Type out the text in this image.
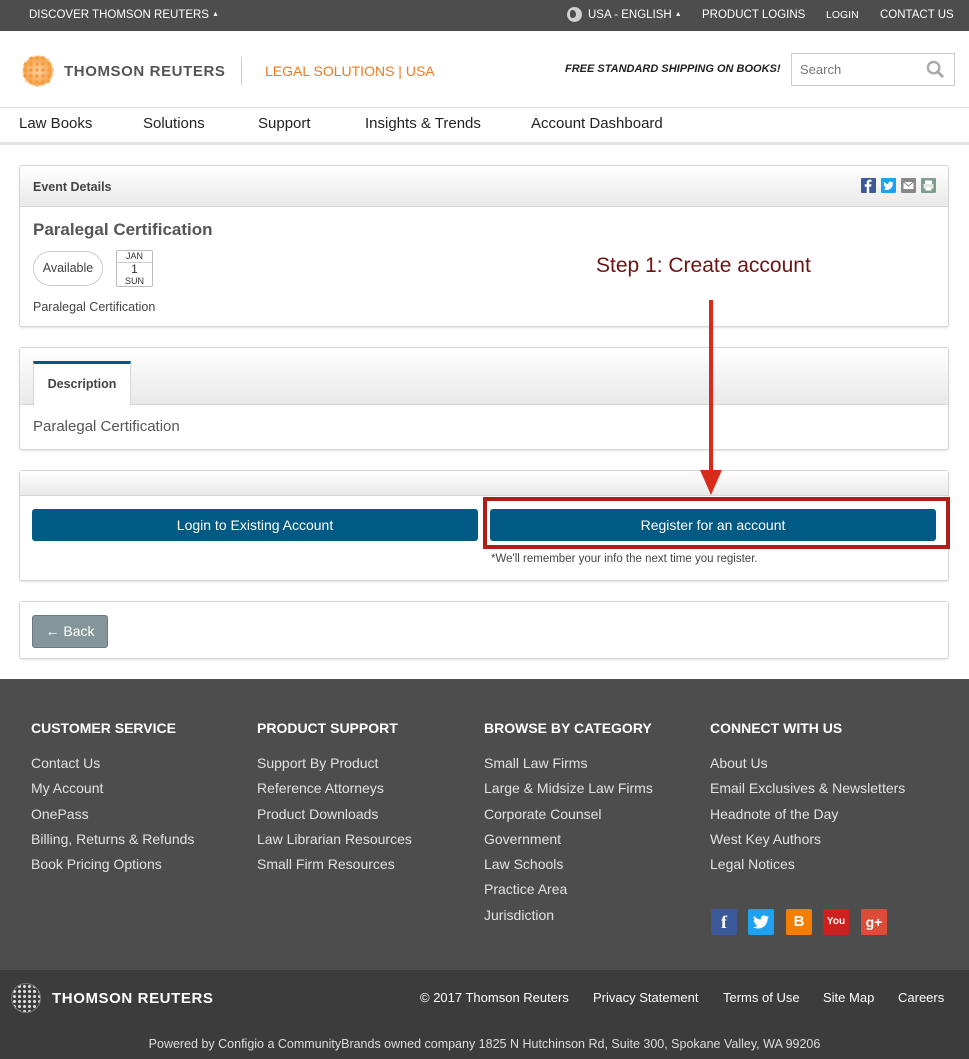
DISCOVER THOMSON REUTERS ▲	USA - ENGLISH ▲ PRODUCT LOGINS LOGIN CONTACT US
THOMSON REUTERS	LEGAL SOLUTIONS | USA	FREE STANDARD SHIPPING ON BOOKS!
Search
Law Books	Solutions	Support	Insights & Trends	Account Dashboard
Event Details
Paralegal Certification
Available
JAN
1
SUN
Paralegal Certification
Description
Paralegal Certification
Login to Existing Account	Register for an account
*We'll remember your info the next time you register.
← Back
Step 1: Create account
CUSTOMER SERVICE
Contact Us
My Account
OnePass
Billing, Returns & Refunds
Book Pricing Options
PRODUCT SUPPORT
Support By Product
Reference Attorneys
Product Downloads
Law Librarian Resources
Small Firm Resources
BROWSE BY CATEGORY
Small Law Firms
Large & Midsize Law Firms
Corporate Counsel
Government
Law Schools
Practice Area
Jurisdiction
CONNECT WITH US
About Us
Email Exclusives & Newsletters
Headnote of the Day
West Key Authors
Legal Notices
f	B	You	g+
THOMSON REUTERS	© 2017 Thomson Reuters Privacy Statement Terms of Use Site Map Careers
Powered by Configio a CommunityBrands owned company 1825 N Hutchinson Rd, Suite 300, Spokane Valley, WA 99206
